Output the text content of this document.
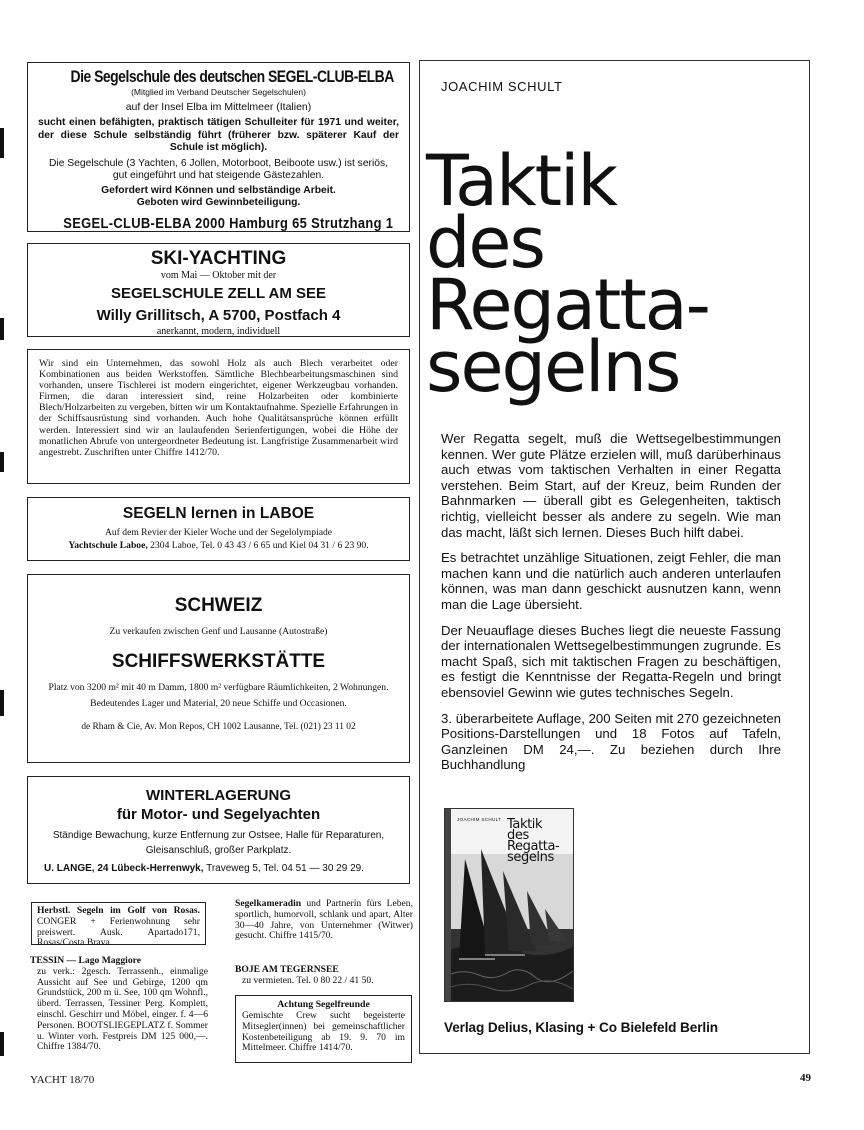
Die Segelschule des deutschen SEGEL-CLUB-ELBA
(Mitglied im Verband Deutscher Segelschulen)
auf der Insel Elba im Mittelmeer (Italien)
sucht einen befähigten, praktisch tätigen Schulleiter für 1971 und weiter, der diese Schule selbständig führt (früherer bzw. späterer Kauf der Schule ist möglich).
Die Segelschule (3 Yachten, 6 Jollen, Motorboot, Beiboote usw.) ist seriös, gut eingeführt und hat steigende Gästezahlen.
Gefordert wird Können und selbständige Arbeit.
Geboten wird Gewinnbeteiligung.
SEGEL-CLUB-ELBA 2000 Hamburg 65 Strutzhang 1
SKI-YACHTING
vom Mai — Oktober mit der
SEGELSCHULE ZELL AM SEE
Willy Grillitsch, A 5700, Postfach 4
anerkannt, modern, individuell
Wir sind ein Unternehmen, das sowohl Holz als auch Blech verarbeitet oder Kombinationen aus beiden Werkstoffen. Sämtliche Blechbearbeitungsmaschinen sind vorhanden, unsere Tischlerei ist modern eingerichtet, eigener Werkzeugbau vorhanden. Firmen, die daran interessiert sind, reine Holzarbeiten oder kombinierte Blech/Holzarbeiten zu vergeben, bitten wir um Kontaktaufnahme. Spezielle Erfahrungen in der Schiffsausrüstung sind vorhanden. Auch hohe Qualitätsansprüche können erfüllt werden. Interessiert sind wir an laulaufenden Serienfertigungen, wobei die Höhe der monatlichen Abrufe von untergeordneter Bedeutung ist. Langfristige Zusammenarbeit wird angestrebt. Zuschriften unter Chiffre 1412/70.
SEGELN lernen in LABOE
Auf dem Revier der Kieler Woche und der Segelolympiade
Yachtschule Laboe, 2304 Laboe, Tel. 0 43 43 / 6 65 und Kiel 04 31 / 6 23 90.
SCHWEIZ
Zu verkaufen zwischen Genf und Lausanne (Autostraße)
SCHIFFSWERKSTÄTTE
Platz von 3200 m² mit 40 m Damm, 1800 m² verfügbare Räumlichkeiten, 2 Wohnungen. Bedeutendes Lager und Material, 20 neue Schiffe und Occasionen.
de Rham & Cie, Av. Mon Repos, CH 1002 Lausanne, Tel. (021) 23 11 02
WINTERLAGERUNG
für Motor- und Segelyachten
Ständige Bewachung, kurze Entfernung zur Ostsee, Halle für Reparaturen, Gleisanschluß, großer Parkplatz.
U. LANGE, 24 Lübeck-Herrenwyk, Traveweg 5, Tel. 04 51 — 30 29 29.
Herbstl. Segeln im Golf von Rosas. CONGER + Ferienwohnung sehr preiswert. Ausk. Apartado171, Rosas/Costa Brava.
TESSIN — Lago Maggiore
zu verk.: 2gesch. Terrassenh., einmalige Aussicht auf See und Gebirge, 1200 qm Grundstück, 200 m ü. See, 100 qm Wohnfl., überd. Terrassen, Tessiner Perg. Komplett, einschl. Geschirr und Möbel, einger. f. 4—6 Personen. BOOTSLIEGEPLATZ f. Sommer u. Winter vorh. Festpreis DM 125 000,—. Chiffre 1384/70.
Segelkameradin und Partnerin fürs Leben, sportlich, humorvoll, schlank und apart, Alter 30—40 Jahre, von Unternehmer (Witwer) gesucht. Chiffre 1415/70.
BOJE AM TEGERNSEE
zu vermieten. Tel. 0 80 22 / 41 50.
Achtung Segelfreunde
Gemischte Crew sucht begeisterte Mitsegler(innen) bei gemeinschaftlicher Kostenbeteiligung ab 19. 9. 70 im Mittelmeer. Chiffre 1414/70.
YACHT 18/70	49
JOACHIM SCHULT
Taktik
des
Regatta-
segelns

Wer Regatta segelt, muß die Wettsegelbestimmungen kennen. Wer gute Plätze erzielen will, muß darüberhinaus auch etwas vom taktischen Verhalten in einer Regatta verstehen. Beim Start, auf der Kreuz, beim Runden der Bahnmarken — überall gibt es Gelegenheiten, taktisch richtig, vielleicht besser als andere zu segeln. Wie man das macht, läßt sich lernen. Dieses Buch hilft dabei.

Es betrachtet unzählige Situationen, zeigt Fehler, die man machen kann und die natürlich auch anderen unterlaufen können, was man dann geschickt ausnutzen kann, wenn man die Lage übersieht.

Der Neuauflage dieses Buches liegt die neueste Fassung der internationalen Wettsegelbestimmungen zugrunde. Es macht Spaß, sich mit taktischen Fragen zu beschäftigen, es festigt die Kenntnisse der Regatta-Regeln und bringt ebensoviel Gewinn wie gutes technisches Segeln.

3. überarbeitete Auflage, 200 Seiten mit 270 gezeichneten Positions-Darstellungen und 18 Fotos auf Tafeln, Ganzleinen DM 24,—. Zu beziehen durch Ihre Buchhandlung

JOACHIM SCHULT Taktik
des
Regatta-
segelns
Verlag Delius, Klasing + Co Bielefeld Berlin
